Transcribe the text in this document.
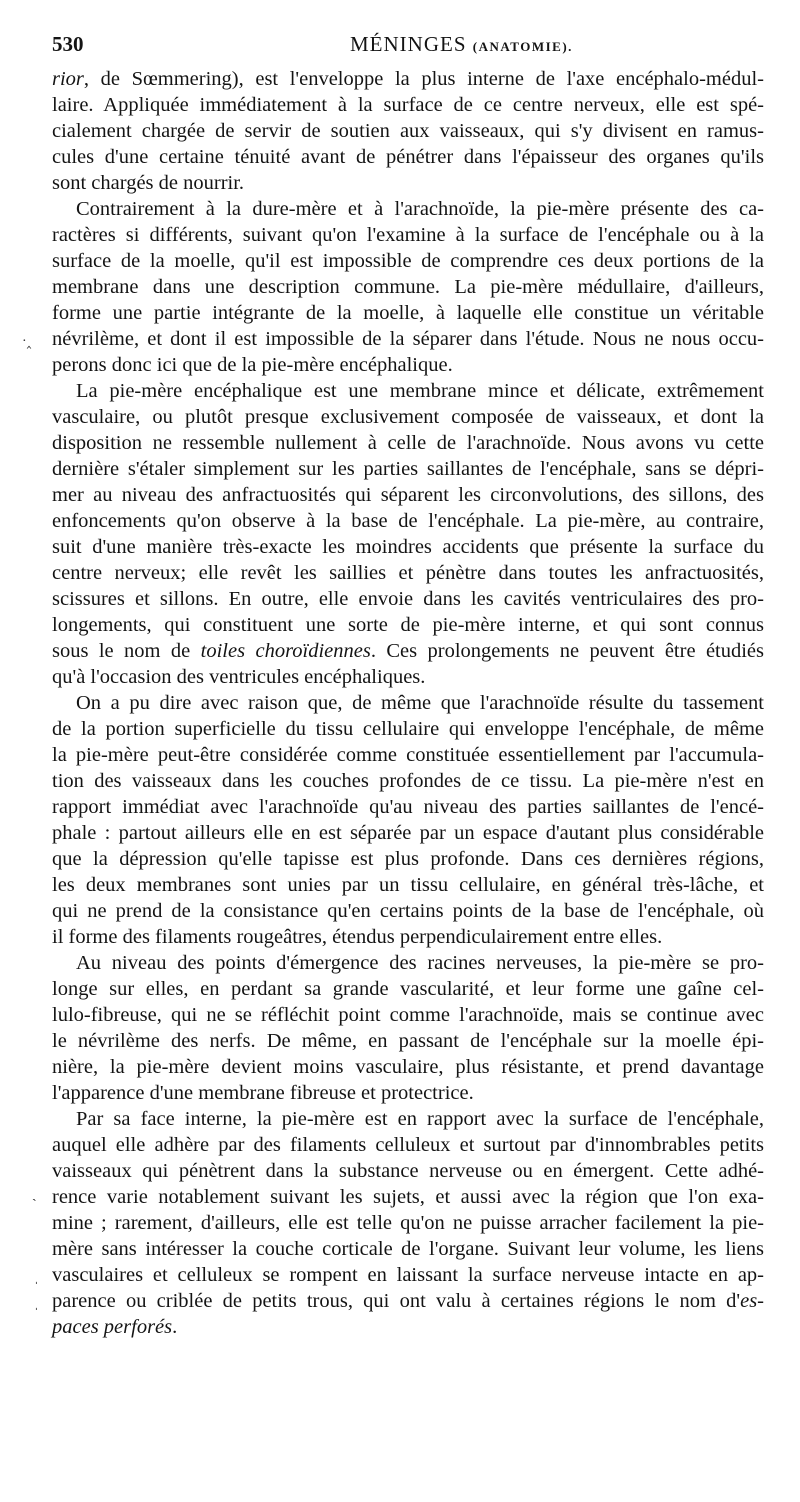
530	MÉNINGES (ANATOMIE).
rior, de Sœmmering), est l'enveloppe la plus interne de l'axe encéphalo-médul-
laire. Appliquée immédiatement à la surface de ce centre nerveux, elle est spé-
cialement chargée de servir de soutien aux vaisseaux, qui s'y divisent en ramus-
cules d'une certaine ténuité avant de pénétrer dans l'épaisseur des organes qu'ils
sont chargés de nourrir.
Contrairement à la dure-mère et à l'arachnoïde, la pie-mère présente des ca-
ractères si différents, suivant qu'on l'examine à la surface de l'encéphale ou à la
surface de la moelle, qu'il est impossible de comprendre ces deux portions de la
membrane dans une description commune. La pie-mère médullaire, d'ailleurs,
forme une partie intégrante de la moelle, à laquelle elle constitue un véritable
névrilème, et dont il est impossible de la séparer dans l'étude. Nous ne nous occu-
perons donc ici que de la pie-mère encéphalique.
La pie-mère encéphalique est une membrane mince et délicate, extrêmement
vasculaire, ou plutôt presque exclusivement composée de vaisseaux, et dont la
disposition ne ressemble nullement à celle de l'arachnoïde. Nous avons vu cette
dernière s'étaler simplement sur les parties saillantes de l'encéphale, sans se dépri-
mer au niveau des anfractuosités qui séparent les circonvolutions, des sillons, des
enfoncements qu'on observe à la base de l'encéphale. La pie-mère, au contraire,
suit d'une manière très-exacte les moindres accidents que présente la surface du
centre nerveux; elle revêt les saillies et pénètre dans toutes les anfractuosités,
scissures et sillons. En outre, elle envoie dans les cavités ventriculaires des pro-
longements, qui constituent une sorte de pie-mère interne, et qui sont connus
sous le nom de toiles choroïdiennes. Ces prolongements ne peuvent être étudiés
qu'à l'occasion des ventricules encéphaliques.
On a pu dire avec raison que, de même que l'arachnoïde résulte du tassement
de la portion superficielle du tissu cellulaire qui enveloppe l'encéphale, de même
la pie-mère peut-être considérée comme constituée essentiellement par l'accumula-
tion des vaisseaux dans les couches profondes de ce tissu. La pie-mère n'est en
rapport immédiat avec l'arachnoïde qu'au niveau des parties saillantes de l'encé-
phale : partout ailleurs elle en est séparée par un espace d'autant plus considérable
que la dépression qu'elle tapisse est plus profonde. Dans ces dernières régions,
les deux membranes sont unies par un tissu cellulaire, en général très-lâche, et
qui ne prend de la consistance qu'en certains points de la base de l'encéphale, où
il forme des filaments rougeâtres, étendus perpendiculairement entre elles.
Au niveau des points d'émergence des racines nerveuses, la pie-mère se pro-
longe sur elles, en perdant sa grande vascularité, et leur forme une gaîne cel-
lulo-fibreuse, qui ne se réfléchit point comme l'arachnoïde, mais se continue avec
le névrilème des nerfs. De même, en passant de l'encéphale sur la moelle épi-
nière, la pie-mère devient moins vasculaire, plus résistante, et prend davantage
l'apparence d'une membrane fibreuse et protectrice.
Par sa face interne, la pie-mère est en rapport avec la surface de l'encéphale,
auquel elle adhère par des filaments celluleux et surtout par d'innombrables petits
vaisseaux qui pénètrent dans la substance nerveuse ou en émergent. Cette adhé-
rence varie notablement suivant les sujets, et aussi avec la région que l'on exa-
mine ; rarement, d'ailleurs, elle est telle qu'on ne puisse arracher facilement la pie-
mère sans intéresser la couche corticale de l'organe. Suivant leur volume, les liens
vasculaires et celluleux se rompent en laissant la surface nerveuse intacte en ap-
parence ou criblée de petits trous, qui ont valu à certaines régions le nom d'es-
paces perforés.
·‸
ˎ
ˌ
ˌ
